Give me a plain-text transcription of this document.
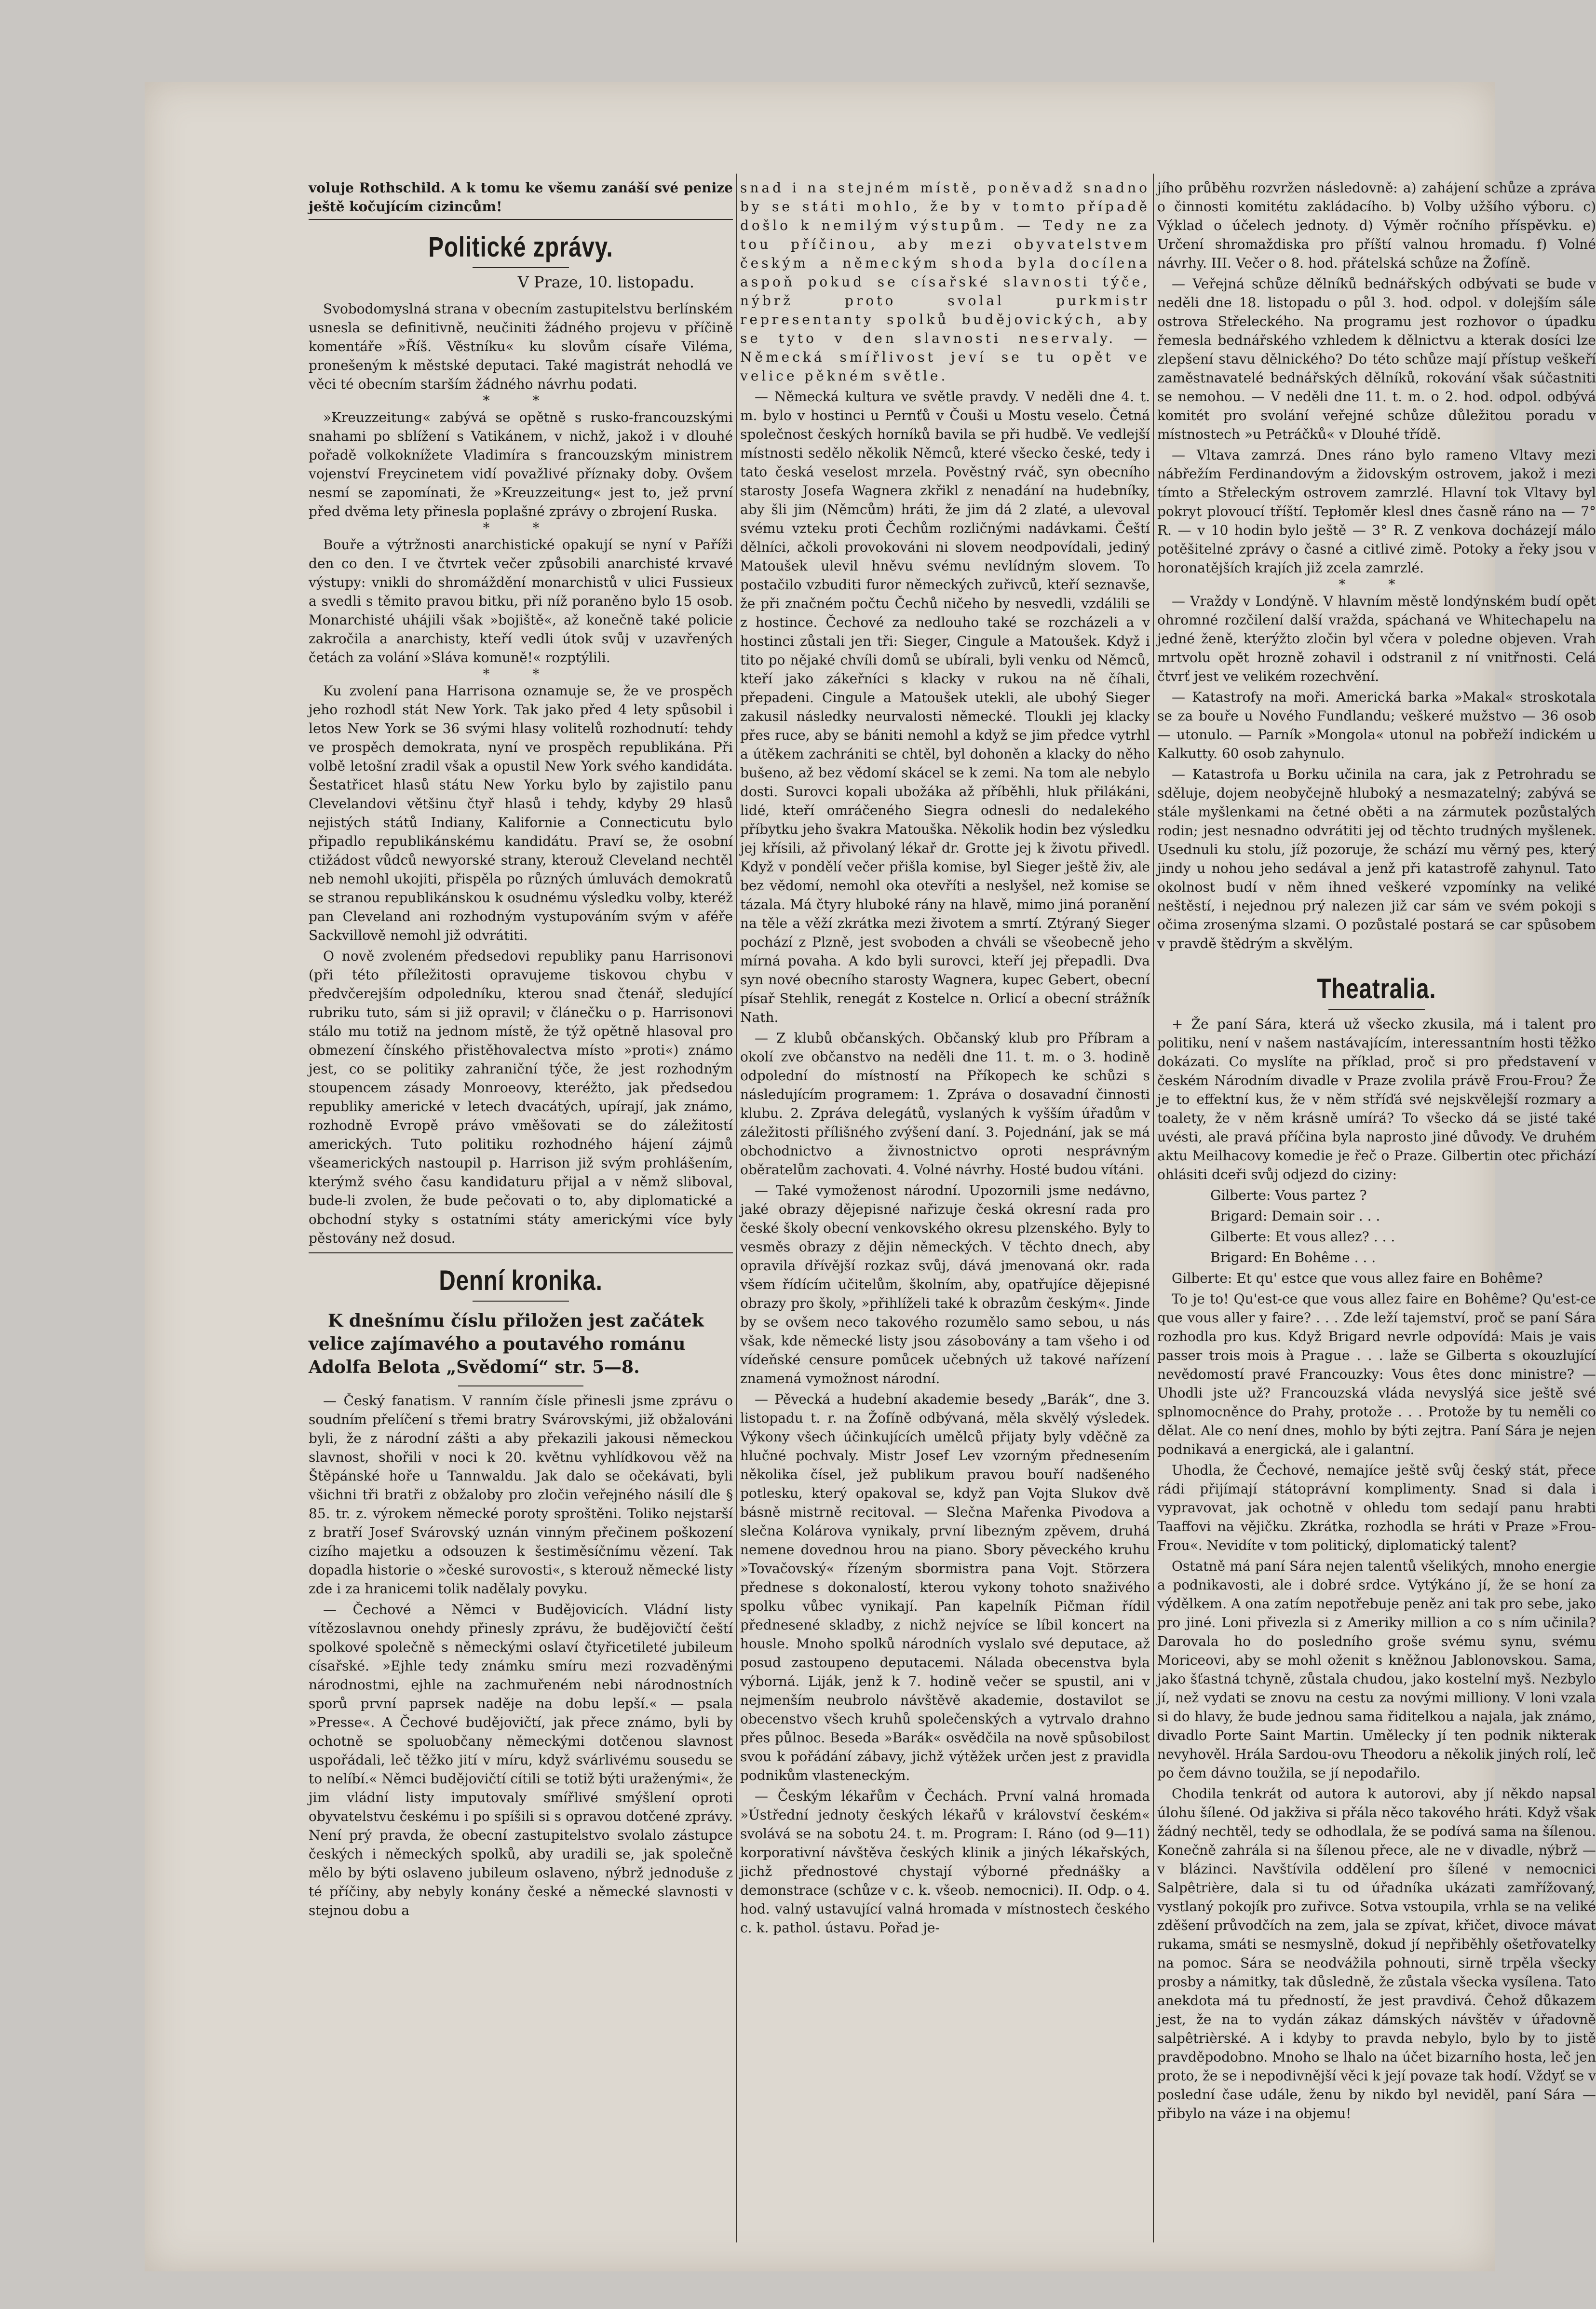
voluje Rothschild. A k tomu ke všemu zanáší své penize ještě kočujícím cizincům!

Politické zprávy.
V Praze, 10. listopadu.

Svobodomyslná strana v obecním zastupitelstvu berlínském usnesla se definitivně, neučiniti žádného projevu v příčině komentáře »Říš. Věstníku« ku slovům císaře Viléma, pronešeným k městské deputaci. Také magistrát nehodlá ve věci té obecním starším žádného návrhu podati.

* *

»Kreuzzeitung« zabývá se opětně s rusko-francouzskými snahami po sblížení s Vatikánem, v nichž, jakož i v dlouhé pořadě volkoknížete Vladimíra s francouzským ministrem vojenství Freycinetem vidí považlivé příznaky doby. Ovšem nesmí se zapomínati, že »Kreuzzeitung« jest to, jež první před dvěma lety přinesla poplašné zprávy o zbrojení Ruska.

* *

Bouře a výtržnosti anarchistické opakují se nyní v Paříži den co den. I ve čtvrtek večer způsobili anarchisté krvavé výstupy: vnikli do shromáždění monarchistů v ulici Fussieux a svedli s těmito pravou bitku, při níž poraněno bylo 15 osob. Monarchisté uhájili však »bojiště«, až konečně také policie zakročila a anarchisty, kteří vedli útok svůj v uzavřených četách za volání »Sláva komuně!« rozptýlili.

* *

Ku zvolení pana Harrisona oznamuje se, že ve prospěch jeho rozhodl stát New York. Tak jako před 4 lety spůsobil i letos New York se 36 svými hlasy volitelů rozhodnutí: tehdy ve prospěch demokrata, nyní ve prospěch republikána. Při volbě letošní zradil však a opustil New York svého kandidáta. Šestatřicet hlasů státu New Yorku bylo by zajistilo panu Clevelandovi většinu čtyř hlasů i tehdy, kdyby 29 hlasů nejistých států Indiany, Kalifornie a Connecticutu bylo připadlo republikánskému kandidátu. Praví se, že osobní ctižádost vůdců newyorské strany, kterouž Cleveland nechtěl neb nemohl ukojiti, přispěla po různých úmluvách demokratů se stranou republikánskou k osudnému výsledku volby, kteréž pan Cleveland ani rozhodným vystupováním svým v aféře Sackvillově nemohl již odvrátiti.

O nově zvoleném předsedovi republiky panu Harrisonovi (při této příležitosti opravujeme tiskovou chybu v předvčerejším odpoledníku, kterou snad čtenář, sledující rubriku tuto, sám si již opravil; v článečku o p. Harrisonovi stálo mu totiž na jednom místě, že týž opětně hlasoval pro obmezení čínského přistěhovalectva místo »proti«) známo jest, co se politiky zahraniční týče, že jest rozhodným stoupencem zásady Monroeovy, kteréžto, jak předsedou republiky americké v letech dvacátých, upírají, jak známo, rozhodně Evropě právo vměšovati se do záležitostí amerických. Tuto politiku rozhodného hájení zájmů všeamerických nastoupil p. Harrison již svým prohlášením, kterýmž svého času kandidaturu přijal a v němž sliboval, bude-li zvolen, že bude pečovati o to, aby diplomatické a obchodní styky s ostatními státy americkými více byly pěstovány než dosud.

Denní kronika.

K dnešnímu číslu přiložen jest začátek velice zajímavého a poutavého románu Adolfa Belota „Svědomí“ str. 5—8.

— Český fanatism. V ranním čísle přinesli jsme zprávu o soudním přelíčení s třemi bratry Svárovskými, již obžalováni byli, že z národní zášti a aby překazili jakousi německou slavnost, shořili v noci k 20. květnu vyhlídkovou věž na Štěpánské hoře u Tannwaldu. Jak dalo se očekávati, byli všichni tři bratři z obžaloby pro zločin veřejného násilí dle § 85. tr. z. výrokem německé poroty sproštěni. Toliko nejstarší z bratří Josef Svárovský uznán vinným přečinem poškození cizího majetku a odsouzen k šestiměsíčnímu vězení. Tak dopadla historie o »české surovosti«, s kterouž německé listy zde i za hranicemi tolik nadělaly povyku.

— Čechové a Němci v Budějovicích. Vládní listy vítězoslavnou onehdy přinesly zprávu, že budějovičtí čeští spolkové společně s německými oslaví čtyřicetileté jubileum císařské. »Ejhle tedy známku smíru mezi rozvaděnými národnostmi, ejhle na zachmuřeném nebi národnostních sporů první paprsek naděje na dobu lepší.« — psala »Presse«. A Čechové budějovičtí, jak přece známo, byli by ochotně se spoluobčany německými dotčenou slavnost uspořádali, leč těžko jití v míru, když svárlivému sousedu se to nelíbí.« Němci budějovičtí cítili se totiž býti uraženými«, že jim vládní listy imputovaly smířlivé smýšlení oproti obyvatelstvu českému i po spíšili si s opravou dotčené zprávy. Není prý pravda, že obecní zastupitelstvo svolalo zástupce českých i německých spolků, aby uradili se, jak společně mělo by býti oslaveno jubileum oslaveno, nýbrž jednoduše z té příčiny, aby nebyly konány české a německé slavnosti v stejnou dobu a

snad i na stejném místě, poněvadž snadno by se státi mohlo, že by v tomto případě došlo k nemilým výstupům. — Tedy ne za tou příčinou, aby mezi obyvatelstvem českým a německým shoda byla docílena aspoň pokud se císařské slavnosti týče, nýbrž proto svolal purkmistr representanty spolků budějovických, aby se tyto v den slavnosti neservaly. — Německá smířlivost jeví se tu opět ve velice pěkném světle.

— Německá kultura ve světle pravdy. V neděli dne 4. t. m. bylo v hostinci u Pernťů v Čouši u Mostu veselo. Četná společnost českých horníků bavila se při hudbě. Ve vedlejší místnosti sedělo několik Němců, které všecko české, tedy i tato česká veselost mrzela. Pověstný rváč, syn obecního starosty Josefa Wagnera zkřikl z nenadání na hudebníky, aby šli jim (Němcům) hráti, že jim dá 2 zlaté, a ulevoval svému vzteku proti Čechům rozličnými nadávkami. Čeští dělníci, ačkoli provokováni ni slovem neodpovídali, jediný Matoušek ulevil hněvu svému nevlídným slovem. To postačilo vzbuditi furor německých zuřivců, kteří seznavše, že při značném počtu Čechů ničeho by nesvedli, vzdálili se z hostince. Čechové za nedlouho také se rozcházeli a v hostinci zůstali jen tři: Sieger, Cingule a Matoušek. Když i tito po nějaké chvíli domů se ubírali, byli venku od Němců, kteří jako zákeřníci s klacky v rukou na ně číhali, přepadeni. Cingule a Matoušek utekli, ale ubohý Sieger zakusil následky neurvalosti německé. Tloukli jej klacky přes ruce, aby se bániti nemohl a když se jim předce vytrhl a útěkem zachrániti se chtěl, byl dohoněn a klacky do něho bušeno, až bez vědomí skácel se k zemi. Na tom ale nebylo dosti. Surovci kopali ubožáka až příběhli, hluk přilákáni, lidé, kteří omráčeného Siegra odnesli do nedalekého příbytku jeho švakra Matouška. Několik hodin bez výsledku jej křísili, až přivolaný lékař dr. Grotte jej k životu přivedl. Když v pondělí večer přišla komise, byl Sieger ještě živ, ale bez vědomí, nemohl oka otevříti a neslyšel, než komise se tázala. Má čtyry hluboké rány na hlavě, mimo jiná poranění na těle a věží zkrátka mezi životem a smrtí. Ztýraný Sieger pochází z Plzně, jest svoboden a chváli se všeobecně jeho mírná povaha. A kdo byli surovci, kteří jej přepadli. Dva syn nové obecního starosty Wagnera, kupec Gebert, obecní písař Stehlik, renegát z Kostelce n. Orlicí a obecní strážník Nath.

— Z klubů občanských. Občanský klub pro Příbram a okolí zve občanstvo na neděli dne 11. t. m. o 3. hodině odpolední do místností na Příkopech ke schůzi s následujícím programem: 1. Zpráva o dosavadní činnosti klubu. 2. Zpráva delegátů, vyslaných k vyšším úřadům v záležitosti přílišného zvýšení daní. 3. Pojednání, jak se má obchodnictvo a živnostnictvo oproti nesprávným oběratelům zachovati. 4. Volné návrhy. Hosté budou vítáni.

— Také vymoženost národní. Upozornili jsme nedávno, jaké obrazy dějepisné nařizuje česká okresní rada pro české školy obecní venkovského okresu plzenského. Byly to vesměs obrazy z dějin německých. V těchto dnech, aby opravila dřívější rozkaz svůj, dává jmenovaná okr. rada všem řídícím učitelům, školním, aby, opatřujíce dějepisné obrazy pro školy, »přihlíželi také k obrazům českým«. Jinde by se ovšem neco takového rozumělo samo sebou, u nás však, kde německé listy jsou zásobovány a tam všeho i od vídeňské censure pomůcek učebných už takové nařízení znamená vymožnost národní.

— Pěvecká a hudební akademie besedy „Barák“, dne 3. listopadu t. r. na Žofíně odbývaná, měla skvělý výsledek. Výkony všech účinkujících umělců přijaty byly vděčně za hlučné pochvaly. Mistr Josef Lev vzorným přednesením několika čísel, jež publikum pravou bouří nadšeného potlesku, který opakoval se, když pan Vojta Slukov dvě básně mistrně recitoval. — Slečna Mařenka Pivodova a slečna Kolárova vynikaly, první libezným zpěvem, druhá nemene dovednou hrou na piano. Sbory pěveckého kruhu »Tovačovský« řízeným sbormistra pana Vojt. Störzera přednese s dokonalostí, kterou vykony tohoto snaživého spolku vůbec vynikají. Pan kapelník Pičman řídil přednesené skladby, z nichž nejvíce se líbil koncert na housle. Mnoho spolků národních vyslalo své deputace, až posud zastoupeno deputacemi. Nálada obecenstva byla výborná. Liják, jenž k 7. hodině večer se spustil, ani v nejmenším neubrolo návštěvě akademie, dostavilot se obecenstvo všech kruhů společenských a vytrvalo drahno přes půlnoc. Beseda »Barák« osvědčila na nově spůsobilost svou k pořádání zábavy, jichž výtěžek určen jest z pravidla podnikům vlasteneckým.

— Českým lékařům v Čechách. První valná hromada »Ústřední jednoty českých lékařů v království českém« svolává se na sobotu 24. t. m. Program: I. Ráno (od 9—11) korporativní návštěva českých klinik a jiných lékařských, jichž přednostové chystají výborné přednášky a demonstrace (schůze v c. k. všeob. nemocnici). II. Odp. o 4. hod. valný ustavující valná hromada v místnostech českého c. k. pathol. ústavu. Pořad je-

jího průběhu rozvržen následovně: a) zahájení schůze a zpráva o činnosti komitétu zakládacího. b) Volby užšího výboru. c) Výklad o účelech jednoty. d) Výměr ročního příspěvku. e) Určení shromaždiska pro příští valnou hromadu. f) Volné návrhy. III. Večer o 8. hod. přátelská schůze na Žofíně.

— Veřejná schůze dělníků bednářských odbývati se bude v neděli dne 18. listopadu o půl 3. hod. odpol. v dolejším sále ostrova Střeleckého. Na programu jest rozhovor o úpadku řemesla bednářského vzhledem k dělnictvu a kterak dosíci lze zlepšení stavu dělnického? Do této schůze mají přístup veškeří zaměstnavatelé bednářských dělníků, rokování však súčastniti se nemohou. — V neděli dne 11. t. m. o 2. hod. odpol. odbývá komitét pro svolání veřejné schůze důležitou poradu v místnostech »u Petráčků« v Dlouhé třídě.

— Vltava zamrzá. Dnes ráno bylo rameno Vltavy mezi nábřežím Ferdinandovým a židovským ostrovem, jakož i mezi tímto a Střeleckým ostrovem zamrzlé. Hlavní tok Vltavy byl pokryt plovoucí tříští. Tepłoměr klesl dnes časně ráno na — 7° R. — v 10 hodin bylo ještě — 3° R. Z venkova docházejí málo potěšitelné zprávy o časné a citlivé zimě. Potoky a řeky jsou v horonatějších krajích již zcela zamrzlé.

* *

— Vraždy v Londýně. V hlavním městě londýnském budí opět ohromné rozčilení další vražda, spáchaná ve Whitechapelu na jedné ženě, kterýžto zločin byl včera v poledne objeven. Vrah mrtvolu opět hrozně zohavil i odstranil z ní vnitřnosti. Celá čtvrť jest ve velikém rozechvění.

— Katastrofy na moři. Americká barka »Makal« stroskotala se za bouře u Nového Fundlandu; veškeré mužstvo — 36 osob — utonulo. — Parník »Mongola« utonul na pobřeží indickém u Kalkutty. 60 osob zahynulo.

— Katastrofa u Borku učinila na cara, jak z Petrohradu se sděluje, dojem neobyčejně hluboký a nesmazatelný; zabývá se stále myšlenkami na četné oběti a na zármutek pozůstalých rodin; jest nesnadno odvrátiti jej od těchto trudných myšlenek. Usednuli ku stolu, jíž pozoruje, že schází mu věrný pes, který jindy u nohou jeho sedával a jenž při katastrofě zahynul. Tato okolnost budí v něm ihned veškeré vzpomínky na veliké neštěstí, i nejednou prý nalezen již car sám ve svém pokoji s očima zrosenýma slzami. O pozůstalé postará se car spůsobem v pravdě štědrým a skvělým.

Theatralia.

+ Že paní Sára, která už všecko zkusila, má i talent pro politiku, není v našem nastávajícím, interessantním hosti těžko dokázati. Co myslíte na příklad, proč si pro představení v českém Národním divadle v Praze zvolila právě Frou-Frou? Že je to effektní kus, že v něm stříďá své nejskvělejší rozmary a toalety, že v něm krásně umírá? To všecko dá se jisté také uvésti, ale pravá příčina byla naprosto jiné důvody. Ve druhém aktu Meilhacovy komedie je řeč o Praze. Gilbertin otec přichází ohlásiti dceři svůj odjezd do ciziny:

Gilberte: Vous partez ?

Brigard: Demain soir . . .

Gilberte: Et vous allez? . . .

Brigard: En Bohême . . .

Gilberte: Et qu' estce que vous allez faire en Bohême?

To je to! Qu'est-ce que vous allez faire en Bohême? Qu'est-ce que vous aller y faire? . . . Zde leží tajemství, proč se paní Sára rozhodla pro kus. Když Brigard nevrle odpovídá: Mais je vais passer trois mois à Prague . . . laže se Gilberta s okouzlující nevědomostí pravé Francouzky: Vous êtes donc ministre? — Uhodli jste už? Francouzská vláda nevyslýá sice ještě své splnomocněnce do Prahy, protože . . . Protože by tu neměli co dělat. Ale co není dnes, mohlo by býti zejtra. Paní Sára je nejen podnikavá a energická, ale i galantní.

Uhodla, že Čechové, nemajíce ještě svůj český stát, přece rádi přijímají státoprávní komplimenty. Snad si dala i vypravovat, jak ochotně v ohledu tom sedají panu hrabti Taaffovi na vějičku. Zkrátka, rozhodla se hráti v Praze »Frou-Frou«. Nevidíte v tom politický, diplomatický talent?

Ostatně má paní Sára nejen talentů všelikých, mnoho energie a podnikavosti, ale i dobré srdce. Vytýkáno jí, že se honí za výdělkem. A ona zatím nepotřebuje peněz ani tak pro sebe, jako pro jiné. Loni přivezla si z Ameriky million a co s ním učinila? Darovala ho do posledního groše svému synu, svému Moriceovi, aby se mohl oženit s kněžnou Jablonovskou. Sama, jako šťastná tchyně, zůstala chudou, jako kostelní myš. Nezbylo jí, než vydati se znovu na cestu za novými milliony. V loni vzala si do hlavy, že bude jednou sama řiditelkou a najala, jak známo, divadlo Porte Saint Martin. Umělecky jí ten podnik nikterak nevyhověl. Hrála Sardou-ovu Theodoru a několik jiných rolí, leč po čem dávno toužila, se jí nepodařilo.

Chodila tenkrát od autora k autorovi, aby jí někdo napsal úlohu šílené. Od jakživa si přála něco takového hráti. Když však žádný nechtěl, tedy se odhodlala, že se podívá sama na šílenou. Konečně zahrála si na šílenou přece, ale ne v divadle, nýbrž — v blázinci. Navštívila oddělení pro šílené v nemocnici Salpêtrière, dala si tu od úřadníka ukázati zamřížovaný, vystlaný pokojík pro zuřivce. Sotva vstoupila, vrhla se na veliké zděšení průvodčích na zem, jala se zpívat, křičet, divoce mávat rukama, smáti se nesmyslně, dokud jí nepřiběhly ošetřovatelky na pomoc. Sára se neodvážila pohnouti, sirně trpěla všecky prosby a námitky, tak důsledně, že zůstala všecka vysílena. Tato anekdota má tu předností, že jest pravdivá. Čehož důkazem jest, že na to vydán zákaz dámských návštěv v úřadovně salpêtrièrské. A i kdyby to pravda nebylo, bylo by to jistě pravděpodobno. Mnoho se lhalo na účet bizarního hosta, leč jen proto, že se i nepodivnější věci k její povaze tak hodí. Vždyť se v poslední čase udále, ženu by nikdo byl neviděl, paní Sára — přibylo na váze i na objemu!
